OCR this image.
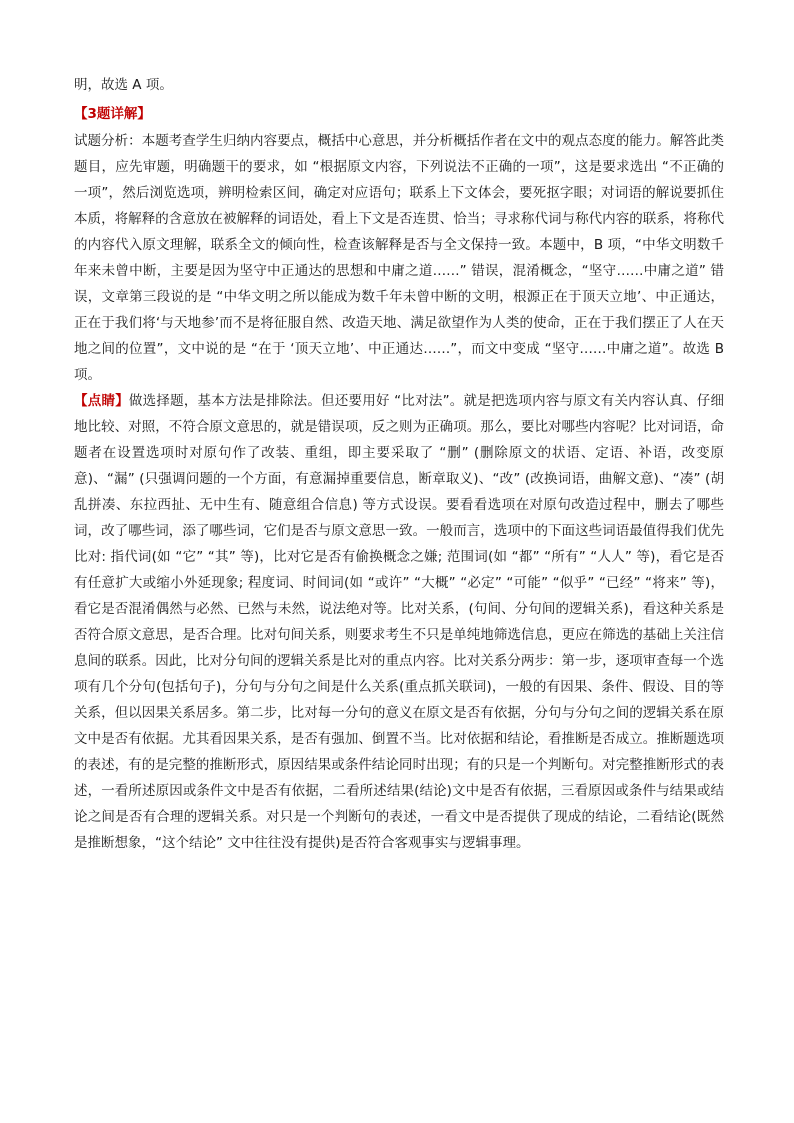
明，故选 A 项。

【3题详解】

试题分析：本题考查学生归纳内容要点，概括中心意思，并分析概括作者在文中的观点态度的能力。解答此类题目，应先审题，明确题干的要求，如 “根据原文内容，下列说法不正确的一项”，这是要求选出 “不正确的一项”，然后浏览选项，辨明检索区间，确定对应语句；联系上下文体会，要死抠字眼；对词语的解说要抓住本质，将解释的含意放在被解释的词语处，看上下文是否连贯、恰当；寻求称代词与称代内容的联系，将称代的内容代入原文理解，联系全文的倾向性，检查该解释是否与全文保持一致。本题中，B 项，“中华文明数千年来未曾中断，主要是因为坚守中正通达的思想和中庸之道……” 错误，混淆概念，“坚守……中庸之道” 错误，文章第三段说的是 “中华文明之所以能成为数千年未曾中断的文明，根源正在于顶天立地’、中正通达，正在于我们将‘与天地参’而不是将征服自然、改造天地、满足欲望作为人类的使命，正在于我们摆正了人在天地之间的位置”，文中说的是 “在于 ‘顶天立地’、中正通达……”，而文中变成 “坚守……中庸之道”。故选 B 项。

【点睛】做选择题，基本方法是排除法。但还要用好 “比对法”。就是把选项内容与原文有关内容认真、仔细地比较、对照，不符合原文意思的，就是错误项，反之则为正确项。那么，要比对哪些内容呢？比对词语，命题者在设置选项时对原句作了改装、重组，即主要采取了 “删” (删除原文的状语、定语、补语，改变原意)、“漏” (只强调问题的一个方面，有意漏掉重要信息，断章取义)、“改” (改换词语，曲解文意)、“凑” (胡乱拼凑、东拉西扯、无中生有、随意组合信息) 等方式设误。要看看选项在对原句改造过程中，删去了哪些词，改了哪些词，添了哪些词，它们是否与原文意思一致。一般而言，选项中的下面这些词语最值得我们优先比对: 指代词(如 “它” “其” 等)，比对它是否有偷换概念之嫌; 范围词(如 “都” “所有” “人人” 等)，看它是否有任意扩大或缩小外延现象; 程度词、时间词(如 “或许” “大概” “必定” “可能” “似乎” “已经” “将来” 等)，看它是否混淆偶然与必然、已然与未然，说法绝对等。比对关系，(句间、分句间的逻辑关系)，看这种关系是否符合原文意思，是否合理。比对句间关系，则要求考生不只是单纯地筛选信息，更应在筛选的基础上关注信息间的联系。因此，比对分句间的逻辑关系是比对的重点内容。比对关系分两步：第一步，逐项审查每一个选项有几个分句(包括句子)，分句与分句之间是什么关系(重点抓关联词)，一般的有因果、条件、假设、目的等关系，但以因果关系居多。第二步，比对每一分句的意义在原文是否有依据，分句与分句之间的逻辑关系在原文中是否有依据。尤其看因果关系，是否有强加、倒置不当。比对依据和结论，看推断是否成立。推断题选项的表述，有的是完整的推断形式，原因结果或条件结论同时出现；有的只是一个判断句。对完整推断形式的表述，一看所述原因或条件文中是否有依据，二看所述结果(结论)文中是否有依据，三看原因或条件与结果或结论之间是否有合理的逻辑关系。对只是一个判断句的表述，一看文中是否提供了现成的结论，二看结论(既然是推断想象，“这个结论” 文中往往没有提供)是否符合客观事实与逻辑事理。
